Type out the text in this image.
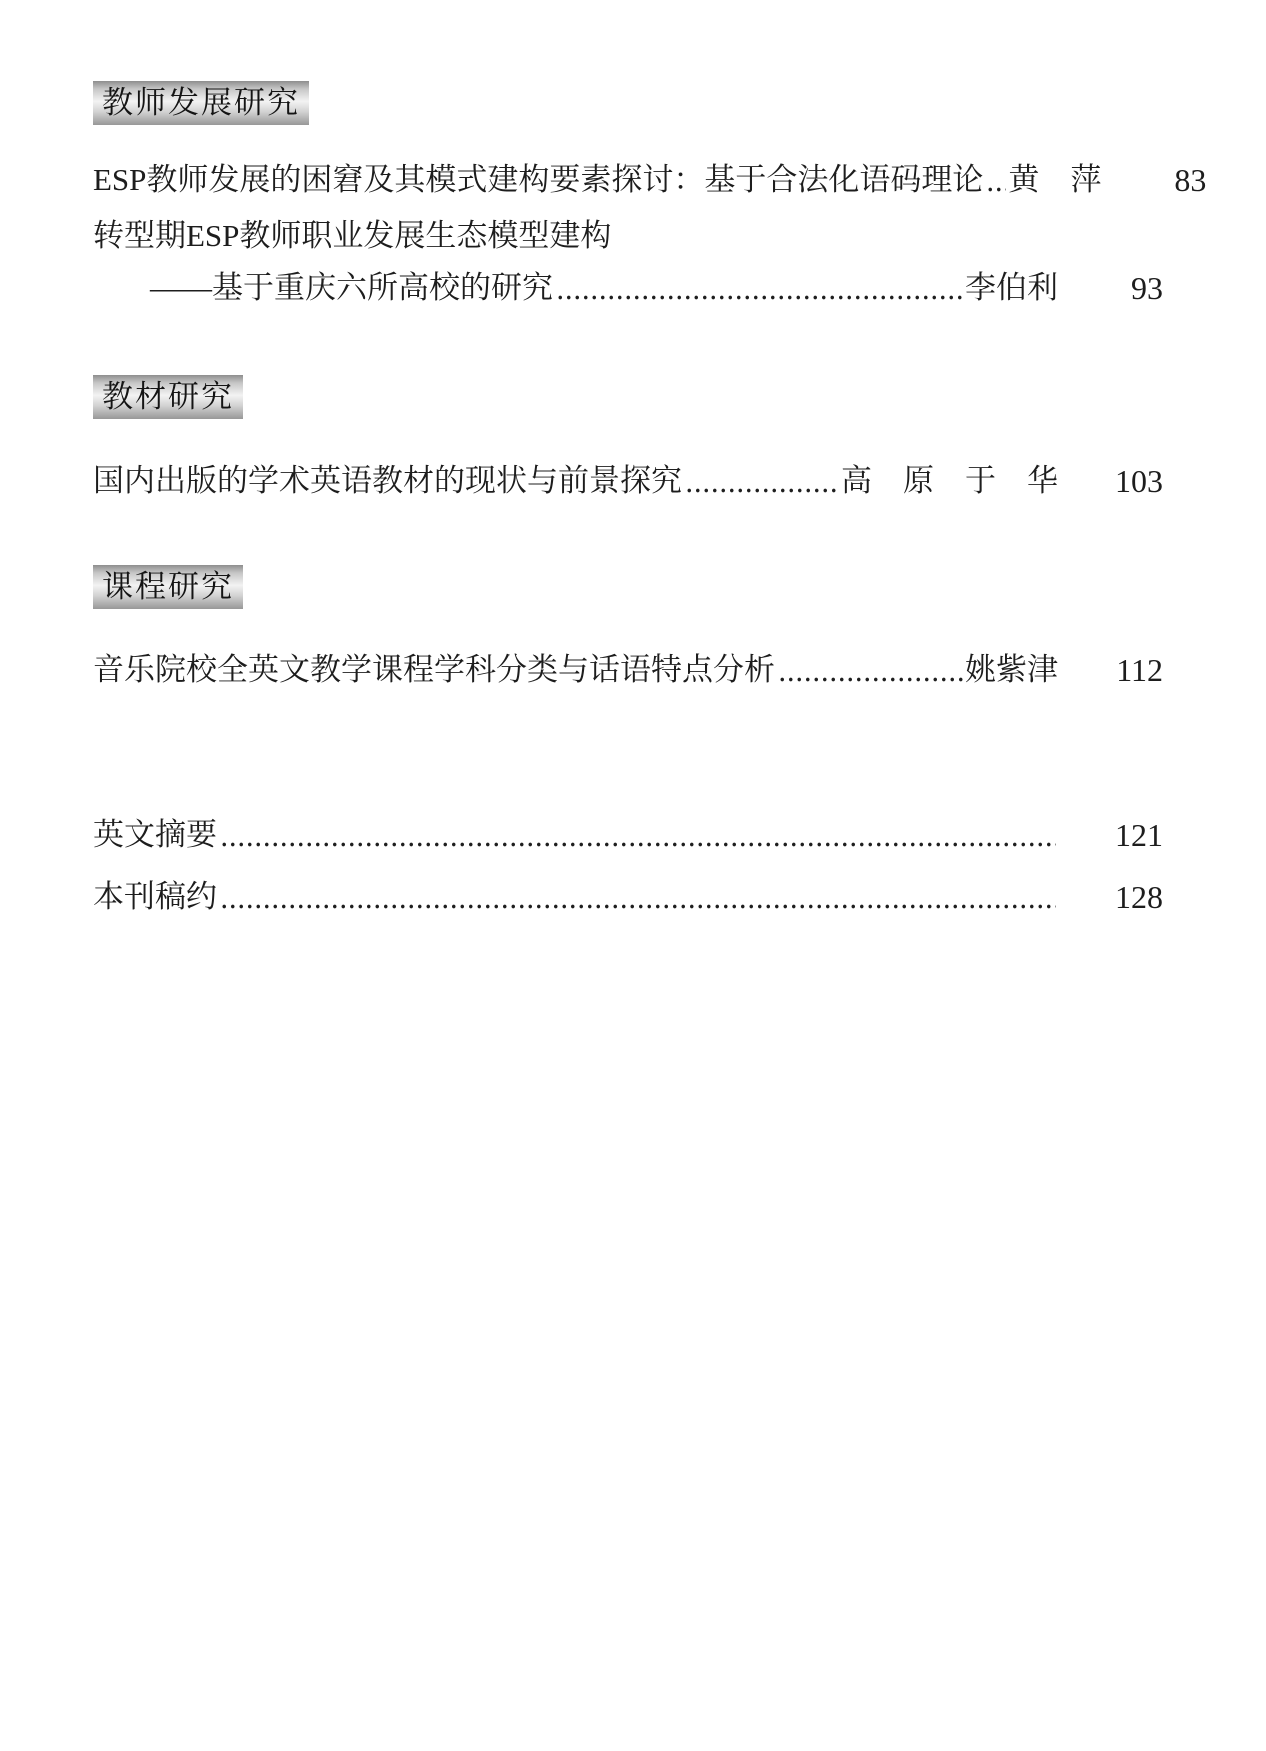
教师发展研究
ESP教师发展的困窘及其模式建构要素探讨：基于合法化语码理论 黄　萍	83
转型期ESP教师职业发展生态模型建构
——基于重庆六所高校的研究	李伯利	93
教材研究
国内出版的学术英语教材的现状与前景探究	高　原　于　华	103
课程研究
音乐院校全英文教学课程学科分类与话语特点分析	姚紫津	112
英文摘要	121
本刊稿约	128
